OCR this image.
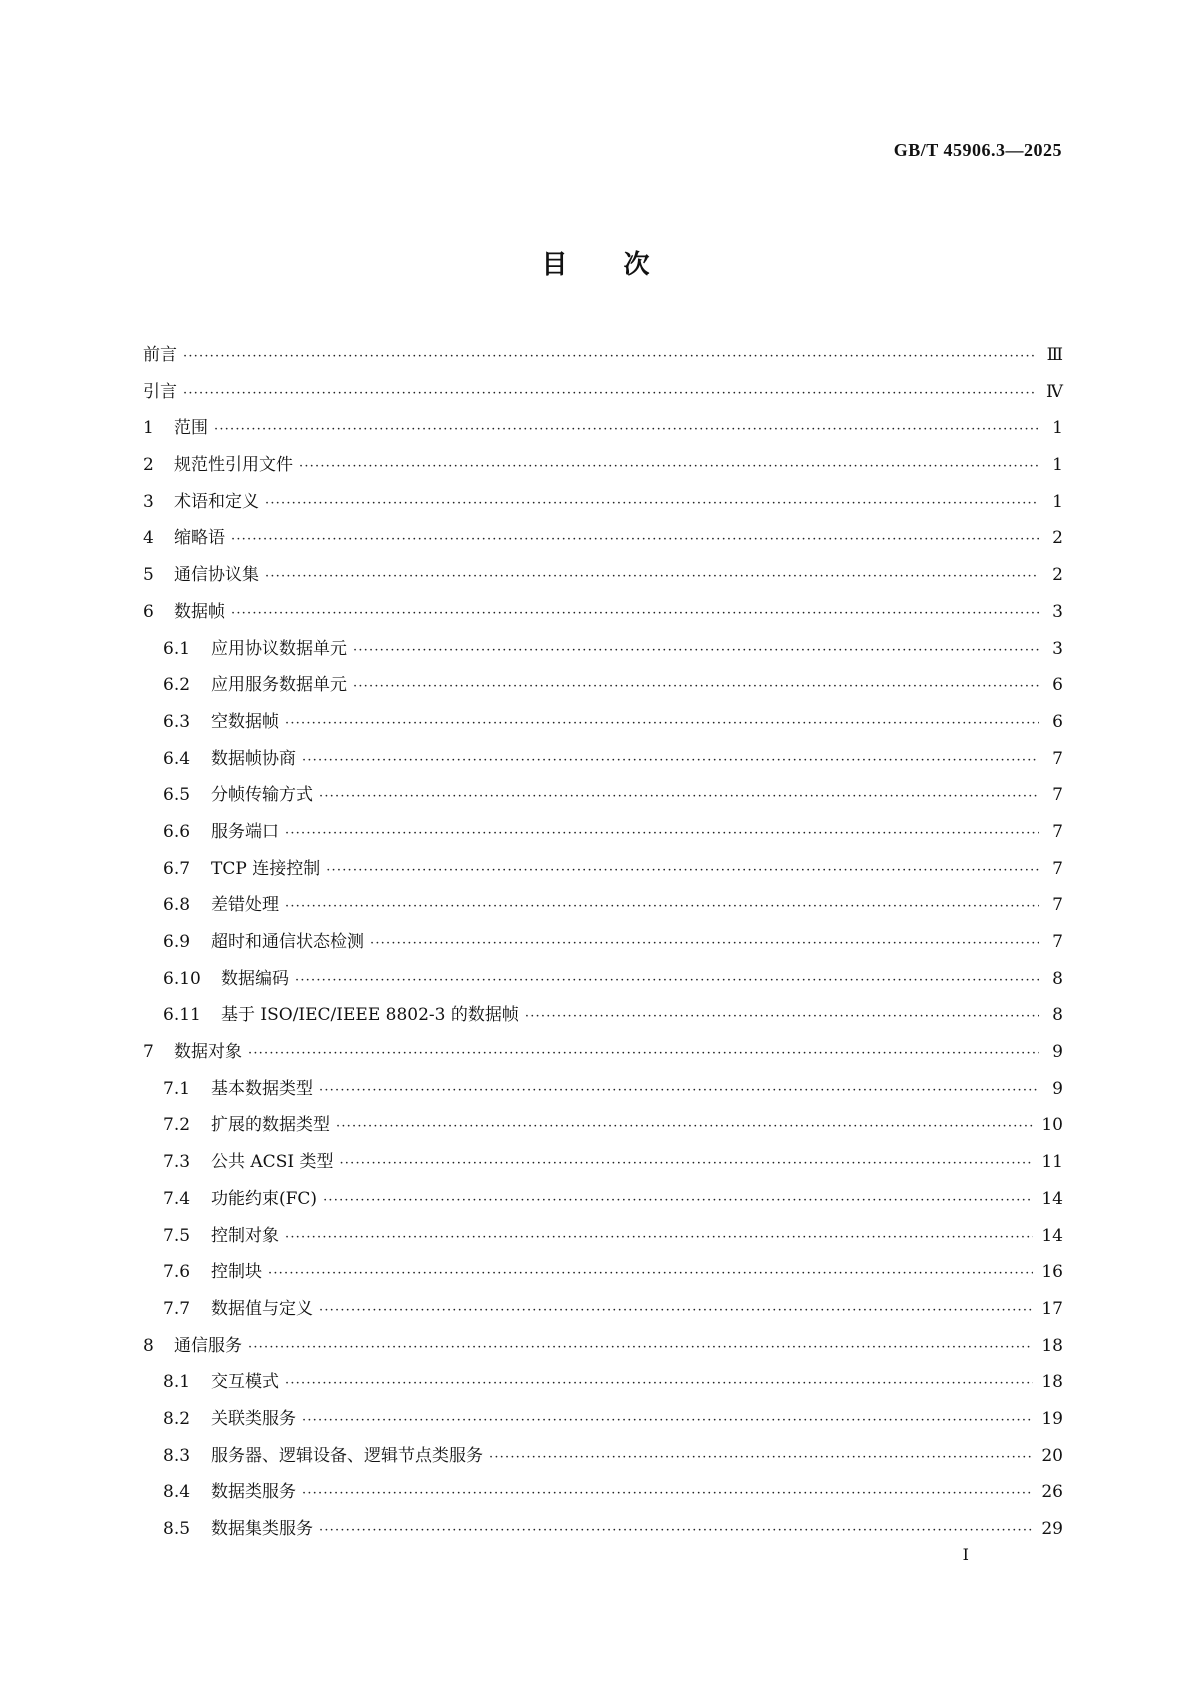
GB/T 45906.3—2025
目 次
前言 ·····	Ⅲ
引言 ·····	Ⅳ
1	范围 ·····	1
2	规范性引用文件 ·····	1
3	术语和定义 ·····	1
4	缩略语 ·····	2
5	通信协议集 ·····	2
6	数据帧 ·····	3
6.1	应用协议数据单元 ·····	3
6.2	应用服务数据单元 ·····	6
6.3	空数据帧 ·····	6
6.4	数据帧协商 ·····	7
6.5	分帧传输方式 ·····	7
6.6	服务端口 ·····	7
6.7	TCP 连接控制 ·····	7
6.8	差错处理 ·····	7
6.9	超时和通信状态检测 ·····	7
6.10	数据编码 ·····	8
6.11	基于 ISO/IEC/IEEE 8802-3 的数据帧 ·····	8
7	数据对象 ·····	9
7.1	基本数据类型 ·····	9
7.2	扩展的数据类型 ·····	10
7.3	公共 ACSI 类型 ·····	11
7.4	功能约束(FC) ·····	14
7.5	控制对象 ·····	14
7.6	控制块 ·····	16
7.7	数据值与定义 ·····	17
8	通信服务 ·····	18
8.1	交互模式 ·····	18
8.2	关联类服务 ·····	19
8.3	服务器、逻辑设备、逻辑节点类服务 ·····	20
8.4	数据类服务 ·····	26
8.5	数据集类服务 ·····	29
I
